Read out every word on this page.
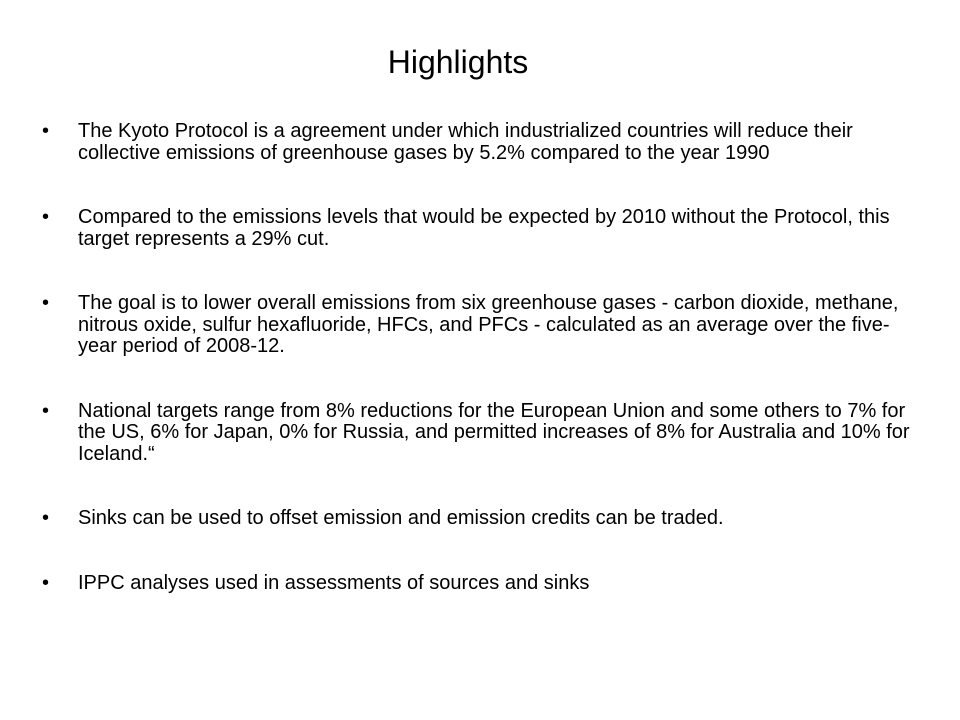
Highlights
•	The Kyoto Protocol is a agreement under which industrialized countries will reduce their collective emissions of greenhouse gases by 5.2% compared to the year 1990
•	Compared to the emissions levels that would be expected by 2010 without the Protocol, this target represents a 29% cut.
•	The goal is to lower overall emissions from six greenhouse gases - carbon dioxide, methane, nitrous oxide, sulfur hexafluoride, HFCs, and PFCs - calculated as an average over the five-year period of 2008-12.
•	National targets range from 8% reductions for the European Union and some others to 7% for the US, 6% for Japan, 0% for Russia, and permitted increases of 8% for Australia and 10% for Iceland.“
•	Sinks can be used to offset emission and emission credits can be traded.
•	IPPC analyses used in assessments of sources and sinks
